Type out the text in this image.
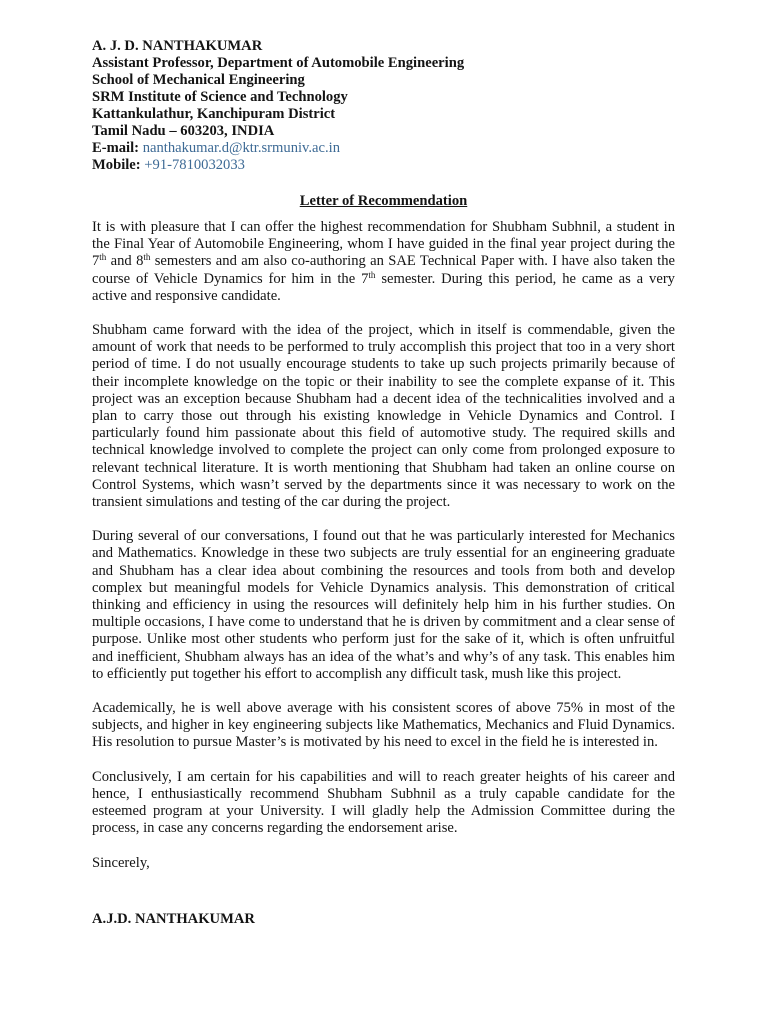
A. J. D. NANTHAKUMAR
Assistant Professor, Department of Automobile Engineering
School of Mechanical Engineering
SRM Institute of Science and Technology
Kattankulathur, Kanchipuram District
Tamil Nadu – 603203, INDIA
E-mail: nanthakumar.d@ktr.srmuniv.ac.in
Mobile: +91-7810032033
Letter of Recommendation

It is with pleasure that I can offer the highest recommendation for Shubham Subhnil, a student in the Final Year of Automobile Engineering, whom I have guided in the final year project during the 7th and 8th semesters and am also co-authoring an SAE Technical Paper with. I have also taken the course of Vehicle Dynamics for him in the 7th semester. During this period, he came as a very active and responsive candidate.

Shubham came forward with the idea of the project, which in itself is commendable, given the amount of work that needs to be performed to truly accomplish this project that too in a very short period of time. I do not usually encourage students to take up such projects primarily because of their incomplete knowledge on the topic or their inability to see the complete expanse of it. This project was an exception because Shubham had a decent idea of the technicalities involved and a plan to carry those out through his existing knowledge in Vehicle Dynamics and Control. I particularly found him passionate about this field of automotive study. The required skills and technical knowledge involved to complete the project can only come from prolonged exposure to relevant technical literature. It is worth mentioning that Shubham had taken an online course on Control Systems, which wasn’t served by the departments since it was necessary to work on the transient simulations and testing of the car during the project.

During several of our conversations, I found out that he was particularly interested for Mechanics and Mathematics. Knowledge in these two subjects are truly essential for an engineering graduate and Shubham has a clear idea about combining the resources and tools from both and develop complex but meaningful models for Vehicle Dynamics analysis. This demonstration of critical thinking and efficiency in using the resources will definitely help him in his further studies. On multiple occasions, I have come to understand that he is driven by commitment and a clear sense of purpose. Unlike most other students who perform just for the sake of it, which is often unfruitful and inefficient, Shubham always has an idea of the what’s and why’s of any task. This enables him to efficiently put together his effort to accomplish any difficult task, mush like this project.

Academically, he is well above average with his consistent scores of above 75% in most of the subjects, and higher in key engineering subjects like Mathematics, Mechanics and Fluid Dynamics. His resolution to pursue Master’s is motivated by his need to excel in the field he is interested in.

Conclusively, I am certain for his capabilities and will to reach greater heights of his career and hence, I enthusiastically recommend Shubham Subhnil as a truly capable candidate for the esteemed program at your University. I will gladly help the Admission Committee during the process, in case any concerns regarding the endorsement arise.

Sincerely,
A.J.D. NANTHAKUMAR
